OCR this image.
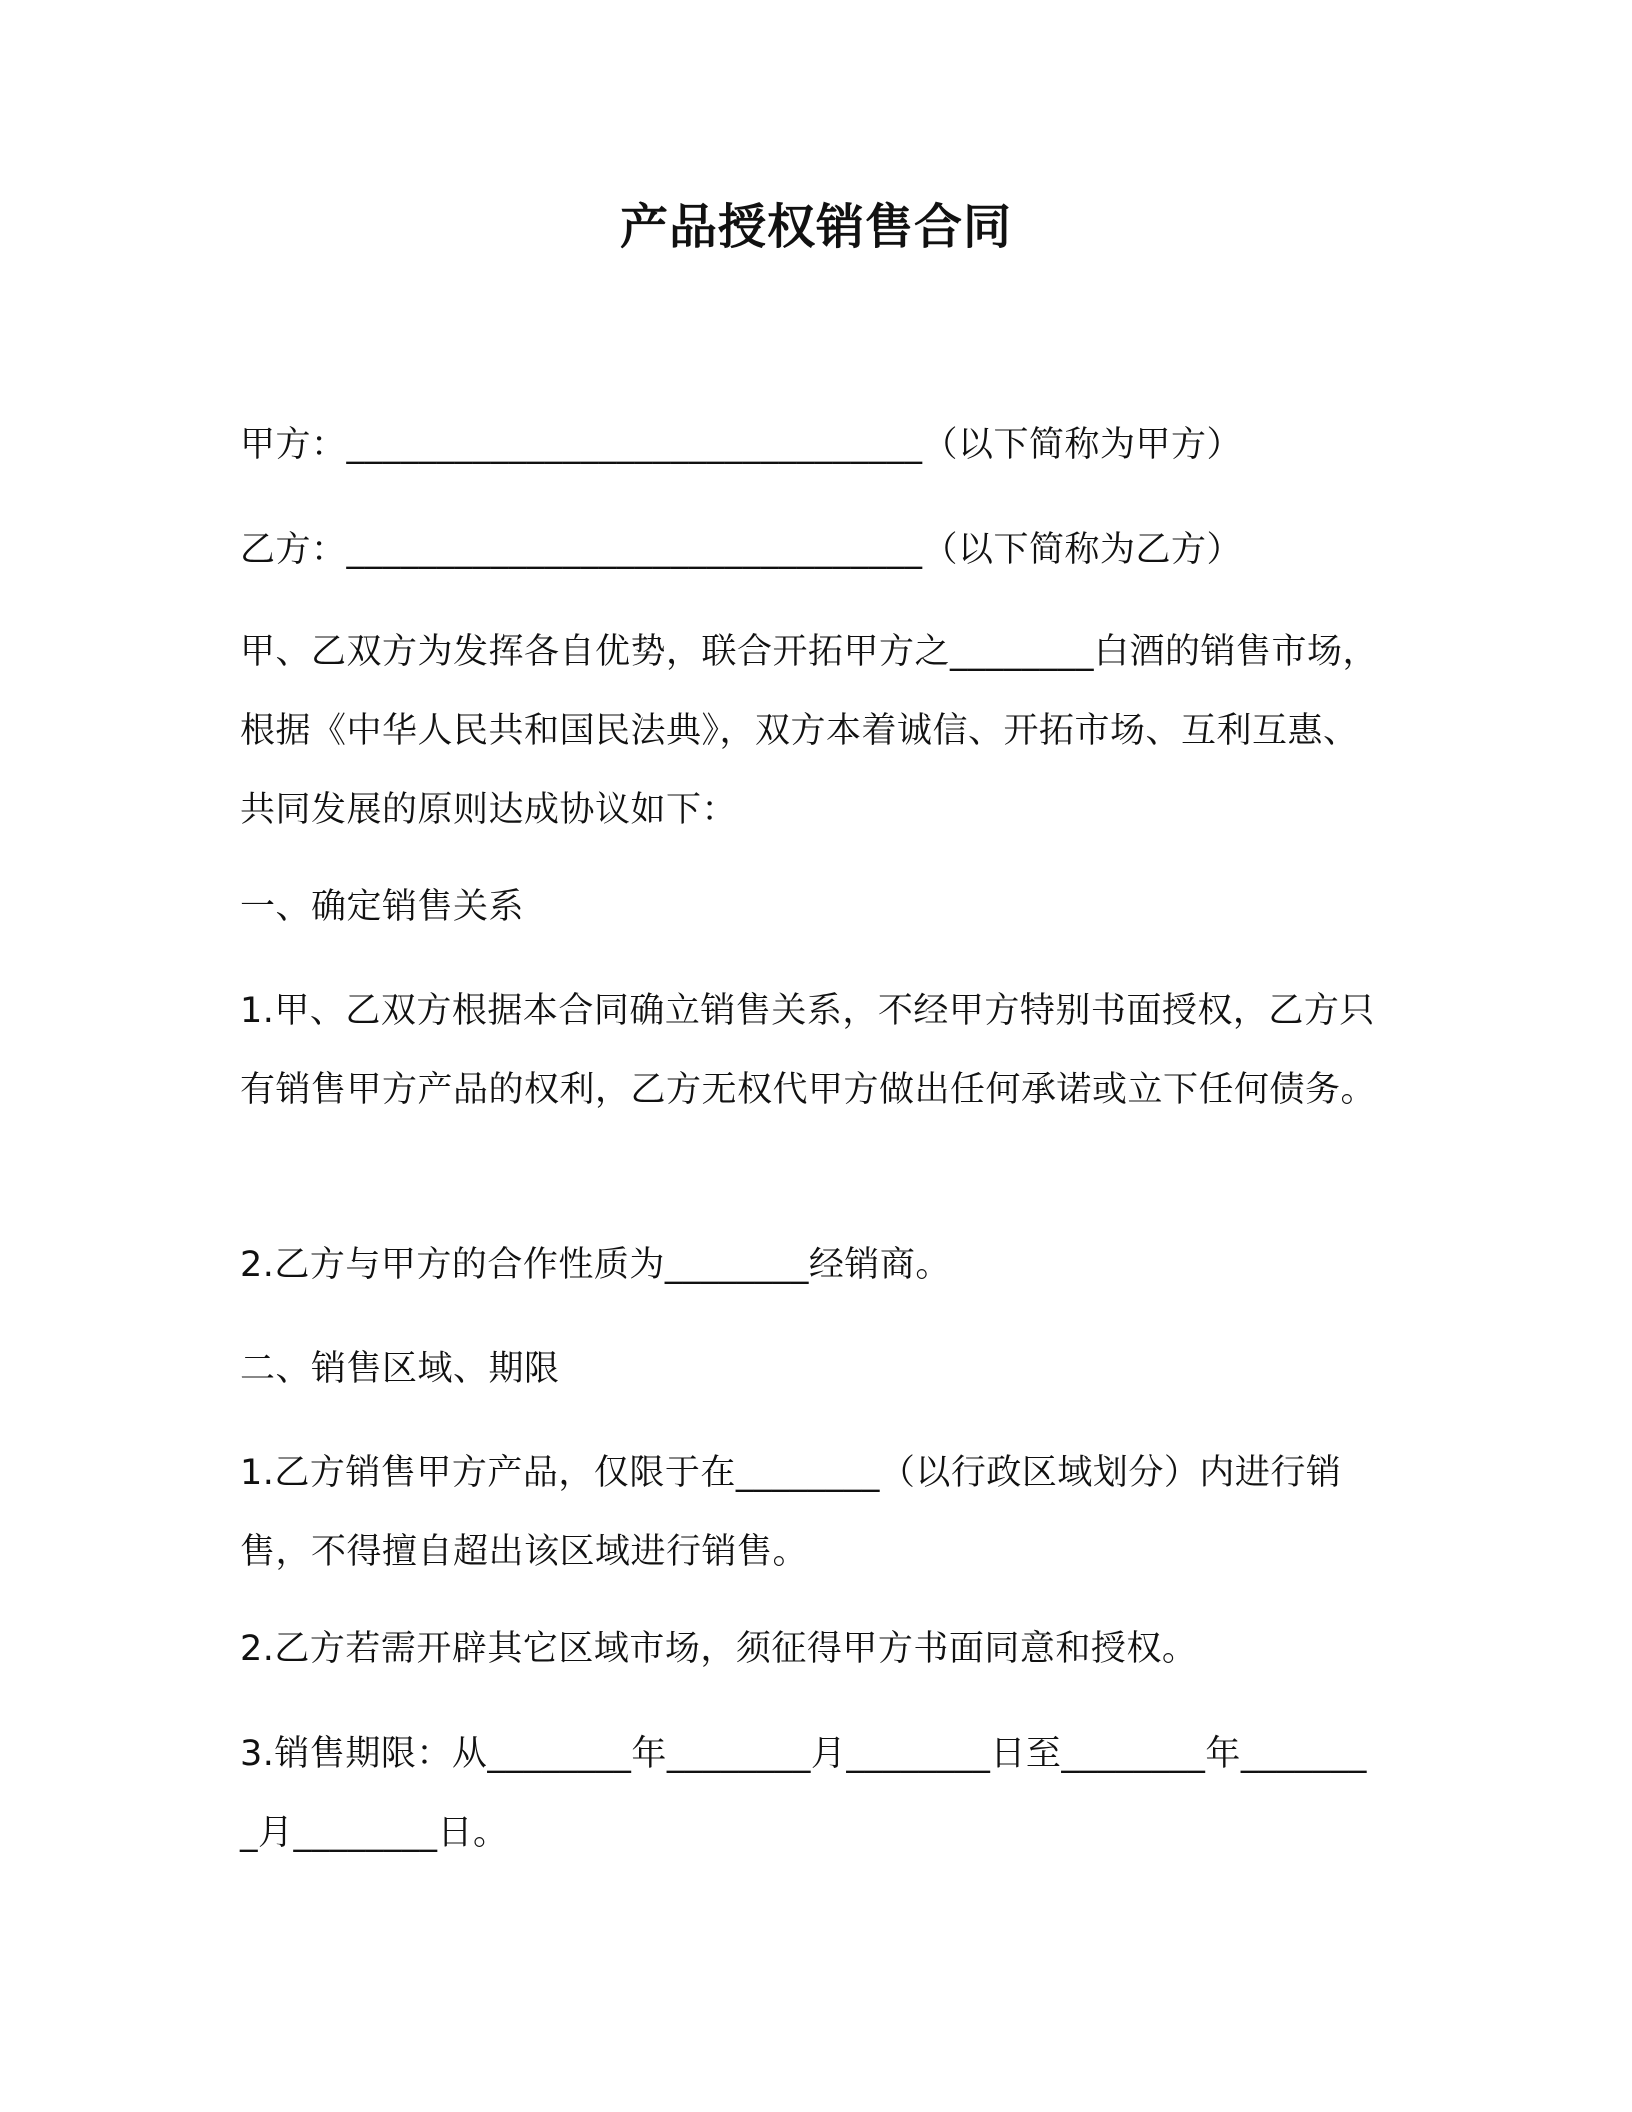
产品授权销售合同
甲方：________________________________（以下简称为甲方）
乙方：________________________________（以下简称为乙方）
甲、乙双方为发挥各自优势，联合开拓甲方之________白酒的销售市场，根据《中华人民共和国民法典》，双方本着诚信、开拓市场、互利互惠、共同发展的原则达成协议如下：
一、确定销售关系
1.甲、乙双方根据本合同确立销售关系，不经甲方特别书面授权，乙方只有销售甲方产品的权利，乙方无权代甲方做出任何承诺或立下任何债务。
2.乙方与甲方的合作性质为________经销商。
二、销售区域、期限
1.乙方销售甲方产品，仅限于在________（以行政区域划分）内进行销售，不得擅自超出该区域进行销售。
2.乙方若需开辟其它区域市场，须征得甲方书面同意和授权。
3.销售期限：从________年________月________日至________年________月________日。
